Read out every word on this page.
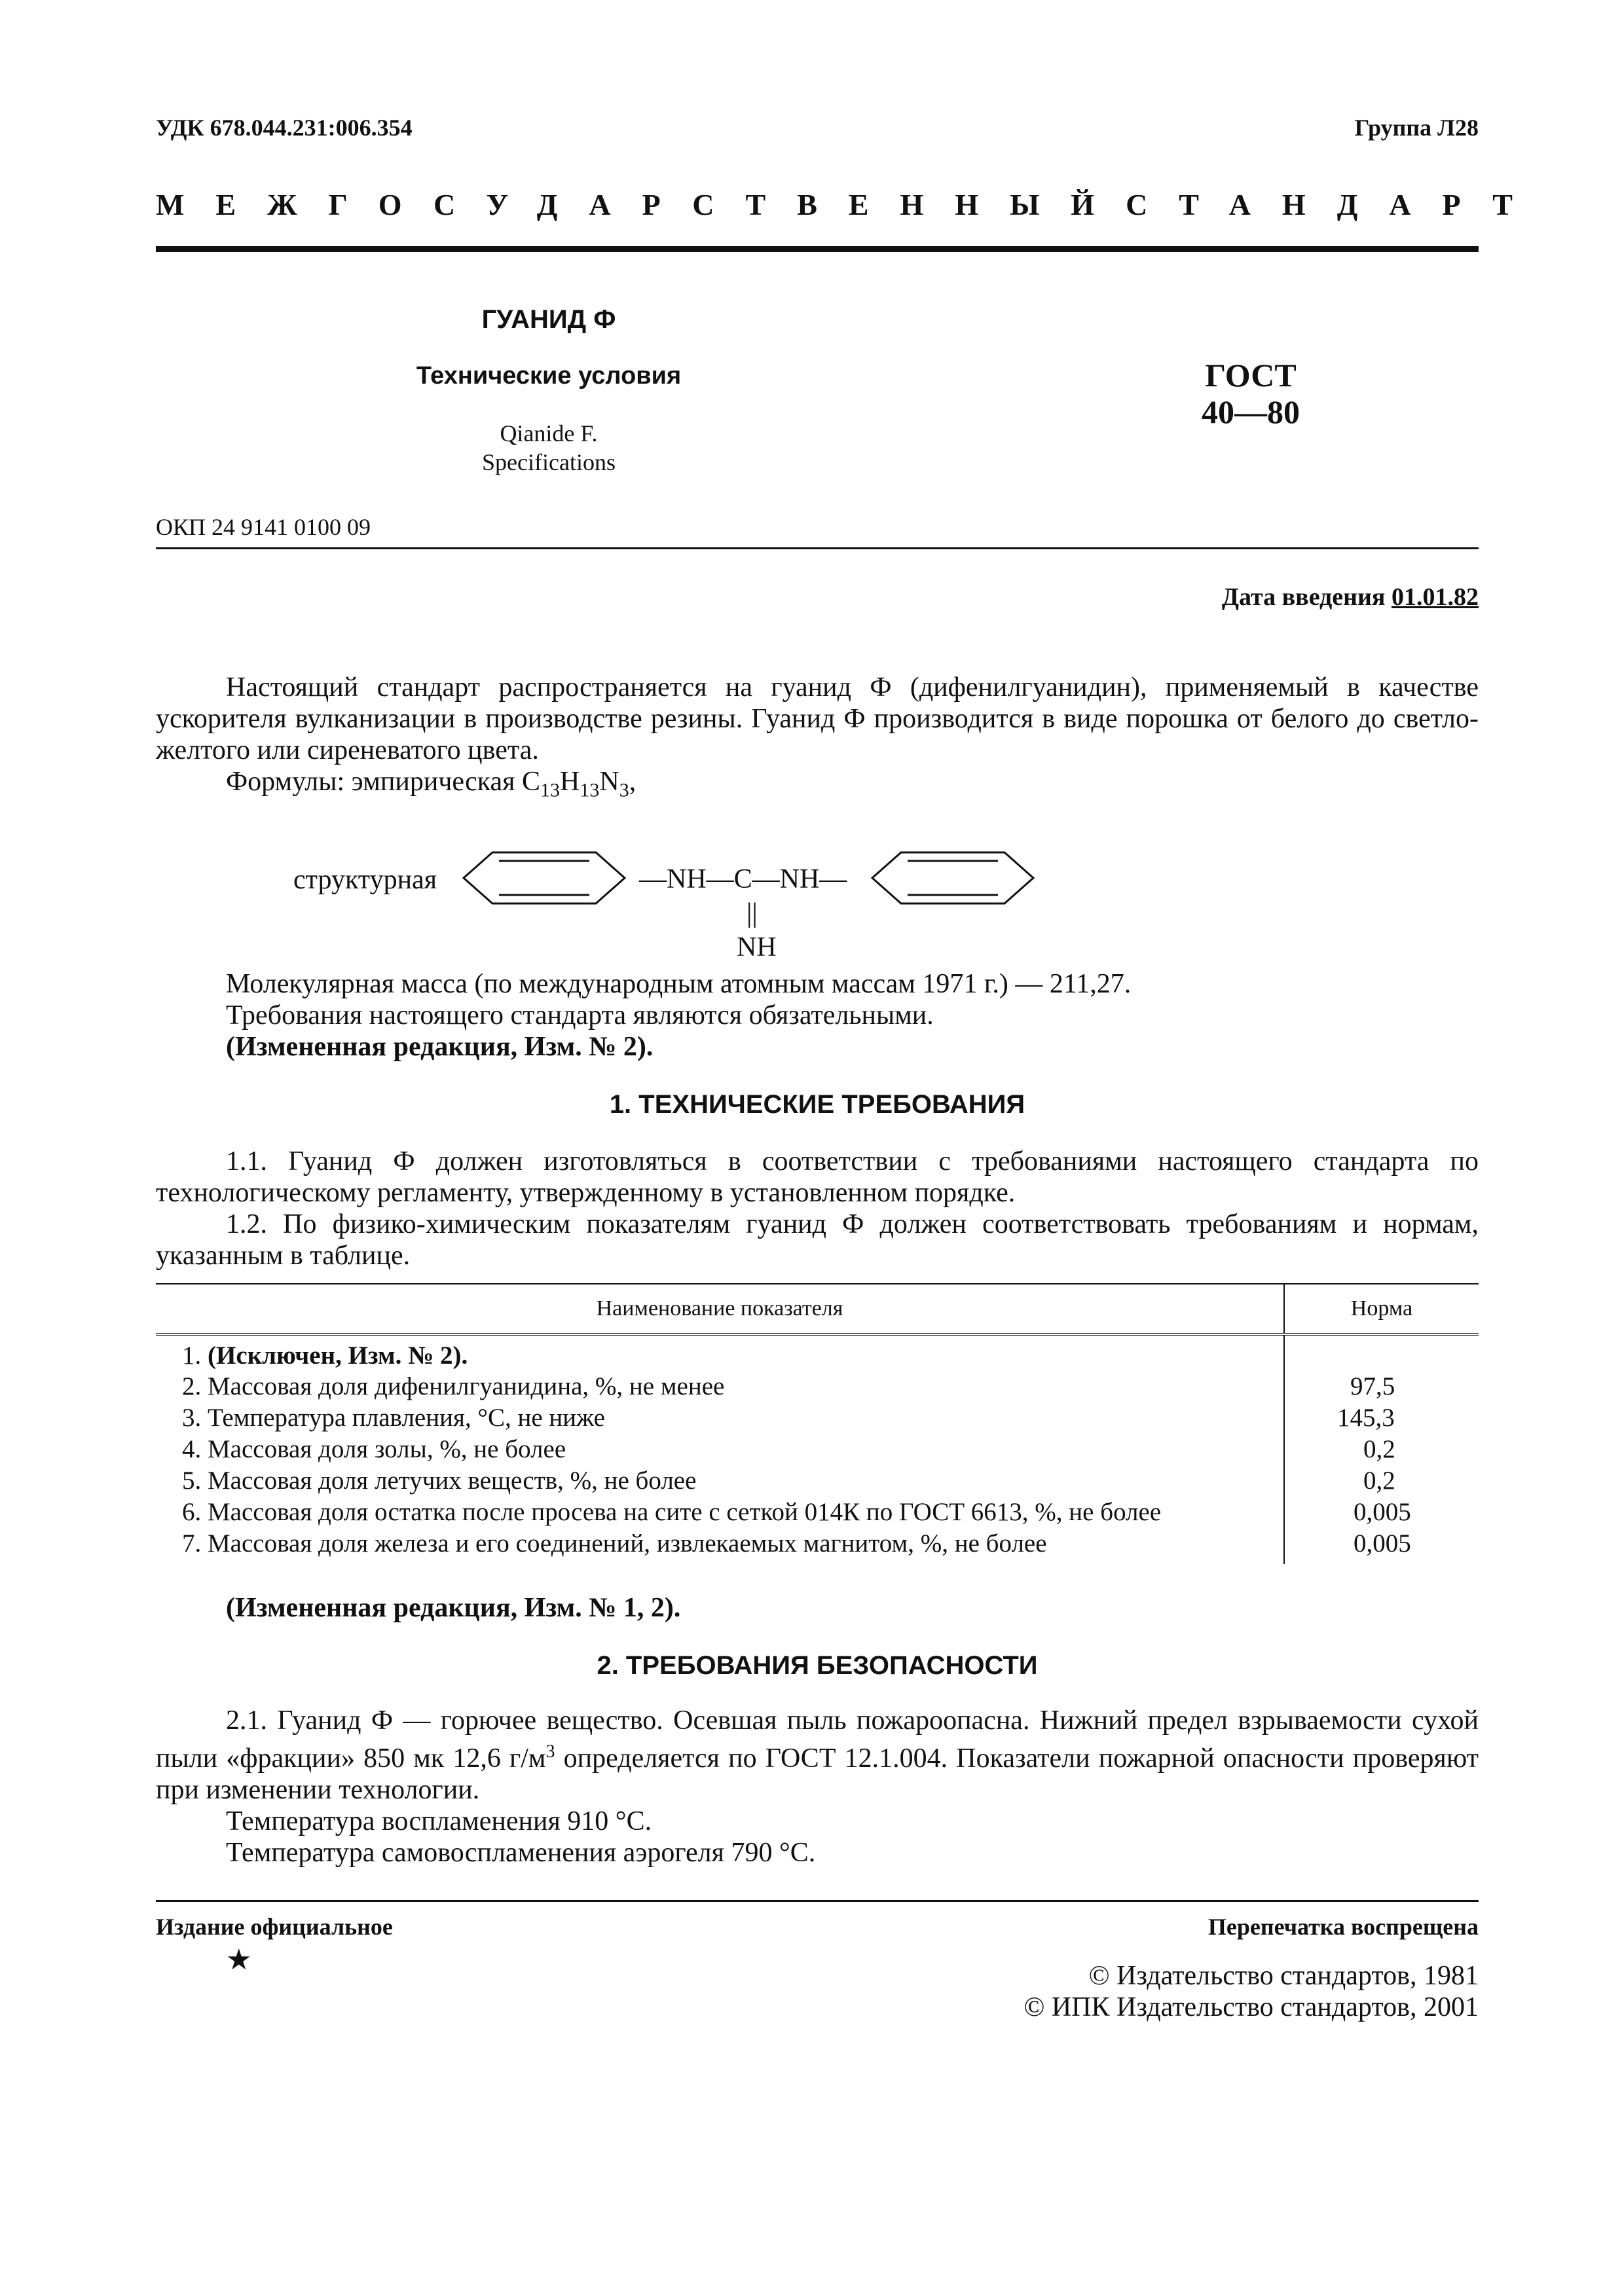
УДК 678.044.231:006.354	Группа Л28
МЕЖГОСУДАРСТВЕННЫЙ СТАНДАРТ
ГУАНИД Ф
Технические условия
Qianide F.
Specifications
ГОСТ
40—80
ОКП 24 9141 0100 09
Дата введения 01.01.82

Настоящий стандарт распространяется на гуанид Ф (дифенилгуанидин), применяемый в качестве ускорителя вулканизации в производстве резины. Гуанид Ф производится в виде порошка от белого до светло-желтого или сиреневатого цвета.

Формулы: эмпирическая $C_{13}H_{13}N_3$,

структурная	—NH—C—NH—
||
NH

Молекулярная масса (по международным атомным массам 1971 г.) — 211,27.

Требования настоящего стандарта являются обязательными.

(Измененная редакция, Изм. № 2).

1. ТЕХНИЧЕСКИЕ ТРЕБОВАНИЯ

1.1. Гуанид Ф должен изготовляться в соответствии с требованиями настоящего стандарта по технологическому регламенту, утвержденному в установленном порядке.

1.2. По физико-химическим показателям гуанид Ф должен соответствовать требованиям и нормам, указанным в таблице.

Наименование показателя	Норма
1. (Исключен, Изм. № 2).	
2. Массовая доля дифенилгуанидина, %, не менее	97,5
3. Температура плавления, °С, не ниже	145,3
4. Массовая доля золы, %, не более	0,2
5. Массовая доля летучих веществ, %, не более	0,2
6. Массовая доля остатка после просева на сите с сеткой 014К по ГОСТ 6613, %, не более	0,005
7. Массовая доля железа и его соединений, извлекаемых магнитом, %, не более	0,005
(Измененная редакция, Изм. № 1, 2).
2. ТРЕБОВАНИЯ БЕЗОПАСНОСТИ

2.1. Гуанид Ф — горючее вещество. Осевшая пыль пожароопасна. Нижний предел взрываемости сухой пыли «фракции» 850 мк 12,6 $г/м^3$ определяется по ГОСТ 12.1.004. Показатели пожарной опасности проверяют при изменении технологии.

Температура воспламенения 910 °С.

Температура самовоспламенения аэрогеля 790 °С.

Издание официальное
★
Перепечатка воспрещена
© Издательство стандартов, 1981
© ИПК Издательство стандартов, 2001
